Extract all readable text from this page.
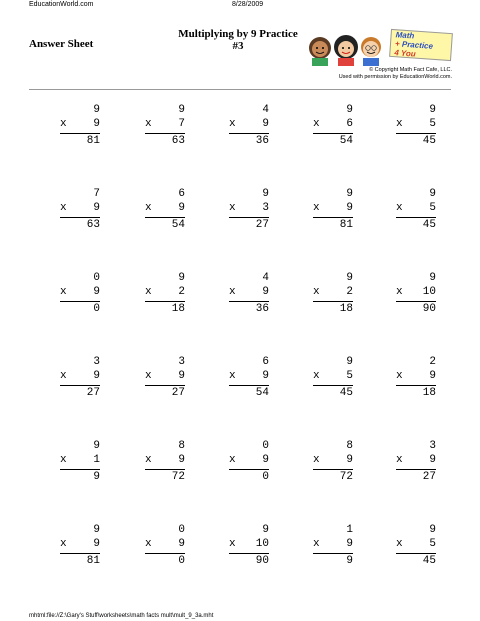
EducationWorld.com	8/28/2009
Answer Sheet
Multiplying by 9 Practice
#3
Math
+ Practice
4 You
© Copyright Math Fact Cafe, LLC.
Used with permission by EducationWorld.com.
9
9
x
81
9
7
x
63
4
9
x
36
9
6
x
54
9
5
x
45
7
9
x
63
6
9
x
54
9
3
x
27
9
9
x
81
9
5
x
45
0
9
x
0
9
2
x
18
4
9
x
36
9
2
x
18
9
10
x
90
3
9
x
27
3
9
x
27
6
9
x
54
9
5
x
45
2
9
x
18
9
1
x
9
8
9
x
72
0
9
x
0
8
9
x
72
3
9
x
27
9
9
x
81
0
9
x
0
9
10
x
90
1
9
x
9
9
5
x
45
mhtml:file://Z:\Gary's Stuff\worksheets\math facts mult\mult_9_3a.mht
